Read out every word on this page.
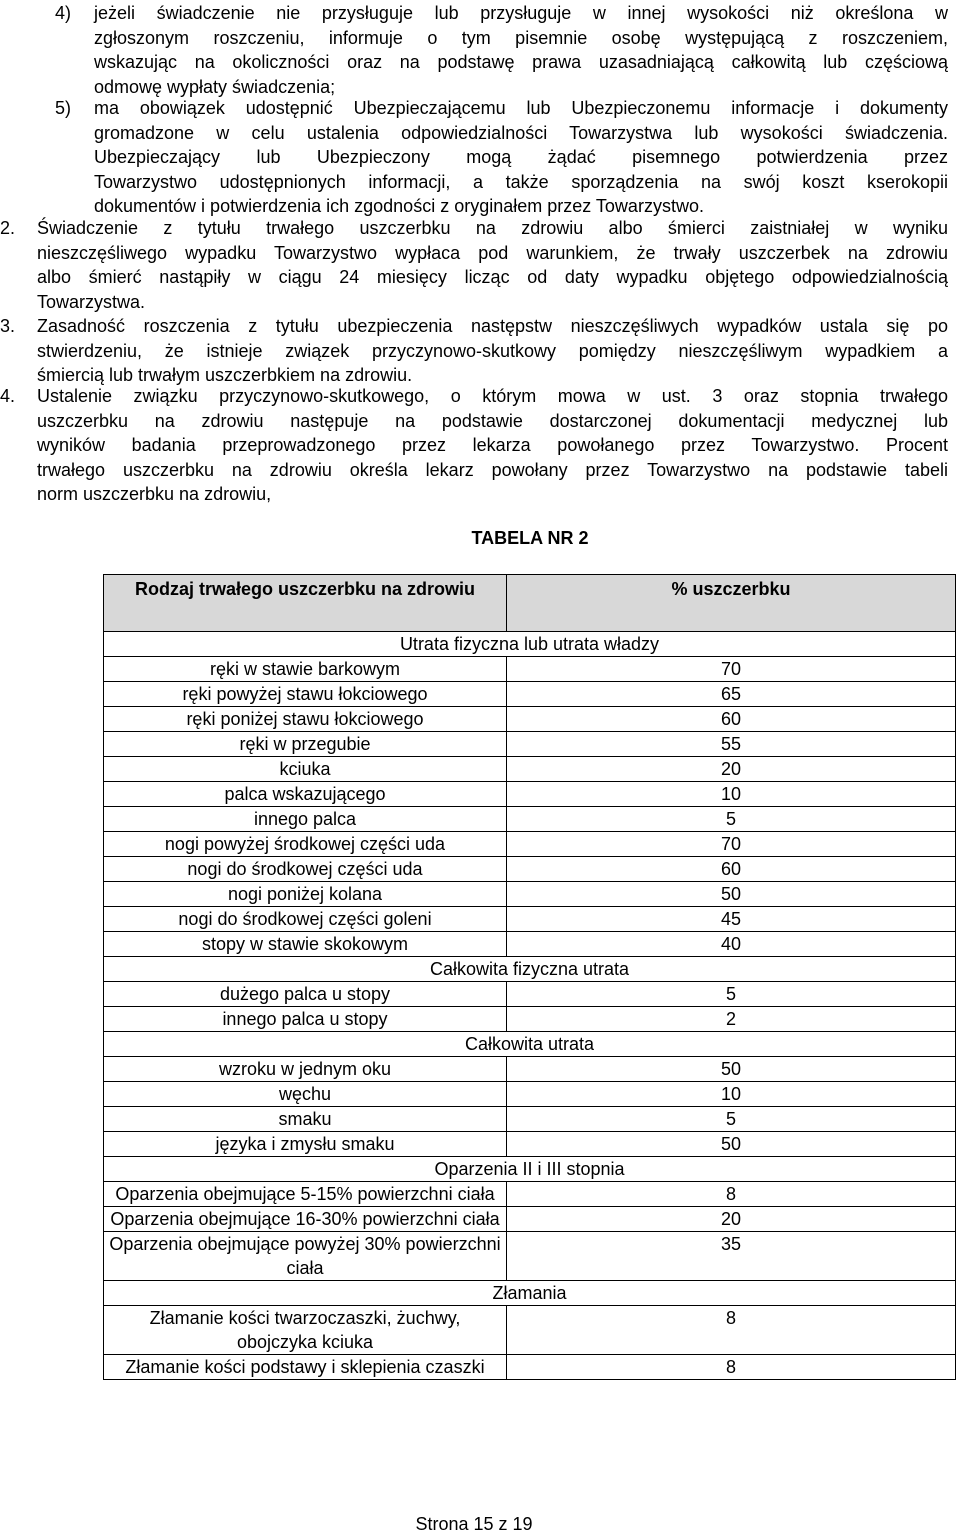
4) jeżeli świadczenie nie przysługuje lub przysługuje w innej wysokości niż określona w
zgłoszonym roszczeniu, informuje o tym pisemnie osobę występującą z roszczeniem,
wskazując na okoliczności oraz na podstawę prawa uzasadniającą całkowitą lub częściową
odmowę wypłaty świadczenia;
5) ma obowiązek udostępnić Ubezpieczającemu lub Ubezpieczonemu informacje i dokumenty
gromadzone w celu ustalenia odpowiedzialności Towarzystwa lub wysokości świadczenia.
Ubezpieczający lub Ubezpieczony mogą żądać pisemnego potwierdzenia przez
Towarzystwo udostępnionych informacji, a także sporządzenia na swój koszt kserokopii
dokumentów i potwierdzenia ich zgodności z oryginałem przez Towarzystwo.
2. Świadczenie z tytułu trwałego uszczerbku na zdrowiu albo śmierci zaistniałej w wyniku
nieszczęśliwego wypadku Towarzystwo wypłaca pod warunkiem, że trwały uszczerbek na zdrowiu
albo śmierć nastąpiły w ciągu 24 miesięcy licząc od daty wypadku objętego odpowiedzialnością
Towarzystwa.
3. Zasadność roszczenia z tytułu ubezpieczenia następstw nieszczęśliwych wypadków ustala się po
stwierdzeniu, że istnieje związek przyczynowo-skutkowy pomiędzy nieszczęśliwym wypadkiem a
śmiercią lub trwałym uszczerbkiem na zdrowiu.
4. Ustalenie związku przyczynowo-skutkowego, o którym mowa w ust. 3 oraz stopnia trwałego
uszczerbku na zdrowiu następuje na podstawie dostarczonej dokumentacji medycznej lub
wyników badania przeprowadzonego przez lekarza powołanego przez Towarzystwo. Procent
trwałego uszczerbku na zdrowiu określa lekarz powołany przez Towarzystwo na podstawie tabeli
norm uszczerbku na zdrowiu,
TABELA NR 2
Rodzaj trwałego uszczerbku na zdrowiu	% uszczerbku
Utrata fizyczna lub utrata władzy	
ręki w stawie barkowym	70
ręki powyżej stawu łokciowego	65
ręki poniżej stawu łokciowego	60
ręki w przegubie	55
kciuka	20
palca wskazującego	10
innego palca	5
nogi powyżej środkowej części uda	70
nogi do środkowej części uda	60
nogi poniżej kolana	50
nogi do środkowej części goleni	45
stopy w stawie skokowym	40
Całkowita fizyczna utrata	
dużego palca u stopy	5
innego palca u stopy	2
Całkowita utrata	
wzroku w jednym oku	50
węchu	10
smaku	5
języka i zmysłu smaku	50
Oparzenia II i III stopnia	
Oparzenia obejmujące 5-15% powierzchni ciała	8
Oparzenia obejmujące 16-30% powierzchni ciała	20
Oparzenia obejmujące powyżej 30% powierzchni ciała	35
Złamania	
Złamanie kości twarzoczaszki, żuchwy, obojczyka kciuka	8
Złamanie kości podstawy i sklepienia czaszki	8
Strona 15 z 19
